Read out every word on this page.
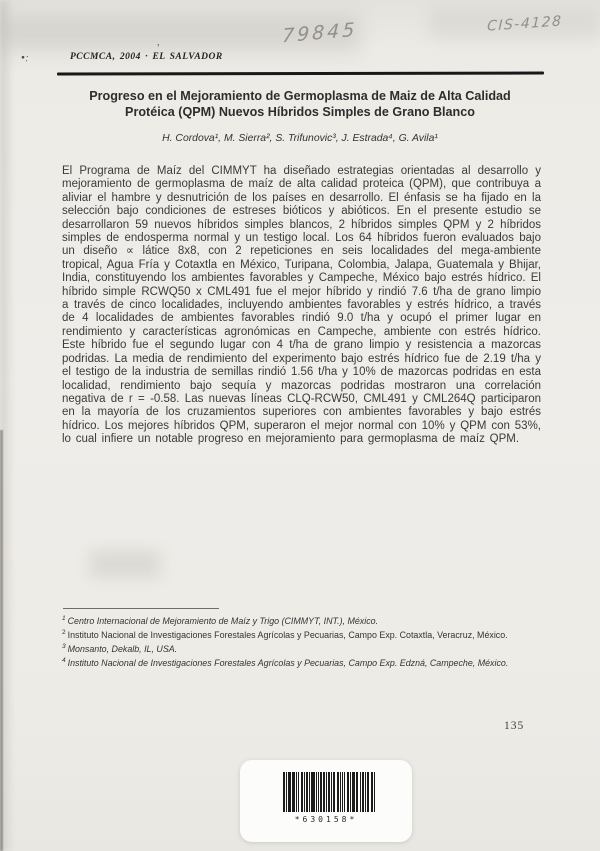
79845	CIS-4128
•:
ʼ
PCCMCA, 2004 · EL SALVADOR
Progreso en el Mejoramiento de Germoplasma de Maiz de Alta Calidad Protéica (QPM) Nuevos Híbridos Simples de Grano Blanco
H. Cordova¹, M. Sierra², S. Trifunovic³, J. Estrada⁴, G. Avila¹

El Programa de Maíz del CIMMYT ha diseñado estrategias orientadas al desarrollo y mejoramiento de germoplasma de maíz de alta calidad proteica (QPM), que contribuya a aliviar el hambre y desnutrición de los países en desarrollo. El énfasis se ha fijado en la selección bajo condiciones de estreses bióticos y abióticos. En el presente estudio se desarrollaron 59 nuevos híbridos simples blancos, 2 híbridos simples QPM y 2 híbridos simples de endosperma normal y un testigo local. Los 64 híbridos fueron evaluados bajo un diseño ∝ látice 8x8, con 2 repeticiones en seis localidades del mega-ambiente tropical, Agua Fría y Cotaxtla en México, Turipana, Colombia, Jalapa, Guatemala y Bhijar, India, constituyendo los ambientes favorables y Campeche, México bajo estrés hídrico. El híbrido simple RCWQ50 x CML491 fue el mejor híbrido y rindió 7.6 t/ha de grano limpio a través de cinco localidades, incluyendo ambientes favorables y estrés hídrico, a través de 4 localidades de ambientes favorables rindió 9.0 t/ha y ocupó el primer lugar en rendimiento y características agronómicas en Campeche, ambiente con estrés hídrico. Este híbrido fue el segundo lugar con 4 t/ha de grano limpio y resistencia a mazorcas podridas. La media de rendimiento del experimento bajo estrés hídrico fue de 2.19 t/ha y el testigo de la industria de semillas rindió 1.56 t/ha y 10% de mazorcas podridas en esta localidad, rendimiento bajo sequía y mazorcas podridas mostraron una correlación negativa de r = -0.58. Las nuevas líneas CLQ-RCW50, CML491 y CML264Q participaron en la mayoría de los cruzamientos superiores con ambientes favorables y bajo estrés hídrico. Los mejores híbridos QPM, superaron el mejor normal con 10% y QPM con 53%, lo cual infiere un notable progreso en mejoramiento para germoplasma de maíz QPM.

$^1$ Centro Internacional de Mejoramiento de Maíz y Trigo (CIMMYT, INT.), México.

$^2$ Instituto Nacional de Investigaciones Forestales Agrícolas y Pecuarias, Campo Exp. Cotaxtla, Veracruz, México.

$^3$ Monsanto, Dekalb, IL, USA.

$^4$ Instituto Nacional de Investigaciones Forestales Agrícolas y Pecuarias, Campo Exp. Edzná, Campeche, México.

135
*630158*
